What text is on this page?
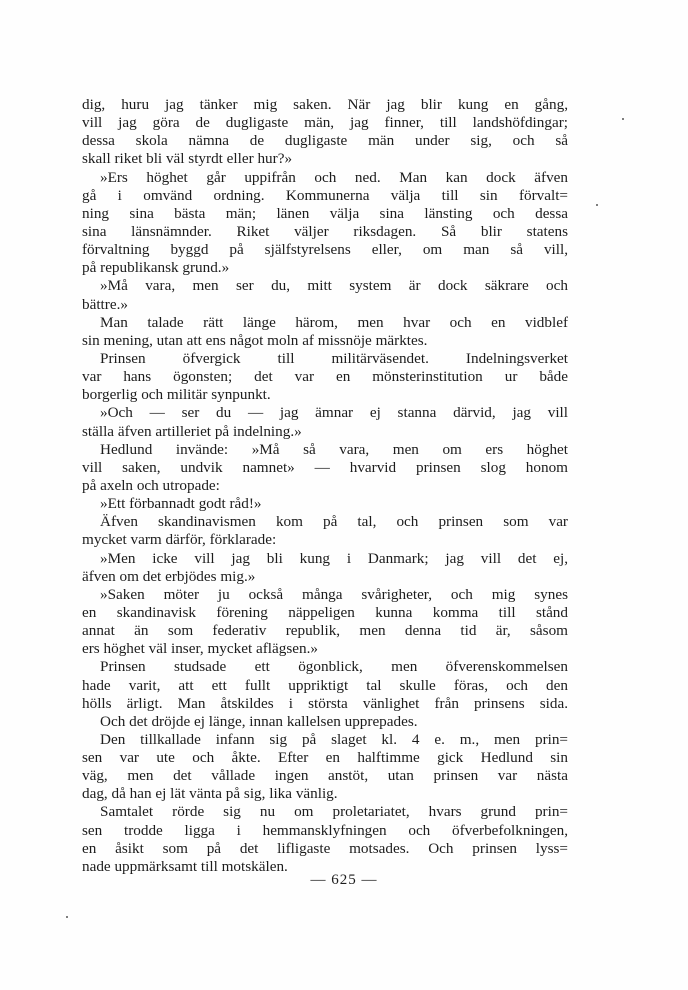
dig, huru jag tänker mig saken. När jag blir kung en gång,
vill jag göra de dugligaste män, jag finner, till landshöfdingar;
dessa skola nämna de dugligaste män under sig, och så
skall riket bli väl styrdt eller hur?»
»Ers höghet går uppifrån och ned. Man kan dock äfven
gå i omvänd ordning. Kommunerna välja till sin förvalt=
ning sina bästa män; länen välja sina länsting och dessa
sina länsnämnder. Riket väljer riksdagen. Så blir statens
förvaltning byggd på själfstyrelsens eller, om man så vill,
på republikansk grund.»
»Må vara, men ser du, mitt system är dock säkrare och
bättre.»
Man talade rätt länge härom, men hvar och en vidblef
sin mening, utan att ens något moln af missnöje märktes.
Prinsen öfvergick till militärväsendet. Indelningsverket
var hans ögonsten; det var en mönsterinstitution ur både
borgerlig och militär synpunkt.
»Och — ser du — jag ämnar ej stanna därvid, jag vill
ställa äfven artilleriet på indelning.»
Hedlund invände: »Må så vara, men om ers höghet
vill saken, undvik namnet» — hvarvid prinsen slog honom
på axeln och utropade:
»Ett förbannadt godt råd!»
Äfven skandinavismen kom på tal, och prinsen som var
mycket varm därför, förklarade:
»Men icke vill jag bli kung i Danmark; jag vill det ej,
äfven om det erbjödes mig.»
»Saken möter ju också många svårigheter, och mig synes
en skandinavisk förening näppeligen kunna komma till stånd
annat än som federativ republik, men denna tid är, såsom
ers höghet väl inser, mycket aflägsen.»
Prinsen studsade ett ögonblick, men öfverenskommelsen
hade varit, att ett fullt uppriktigt tal skulle föras, och den
hölls ärligt. Man åtskildes i största vänlighet från prinsens sida.
Och det dröjde ej länge, innan kallelsen upprepades.
Den tillkallade infann sig på slaget kl. 4 e. m., men prin=
sen var ute och åkte. Efter en halftimme gick Hedlund sin
väg, men det vållade ingen anstöt, utan prinsen var nästa
dag, då han ej lät vänta på sig, lika vänlig.
Samtalet rörde sig nu om proletariatet, hvars grund prin=
sen trodde ligga i hemmansklyfningen och öfverbefolkningen,
en åsikt som på det lifligaste motsades. Och prinsen lyss=
nade uppmärksamt till motskälen.
— 625 —
